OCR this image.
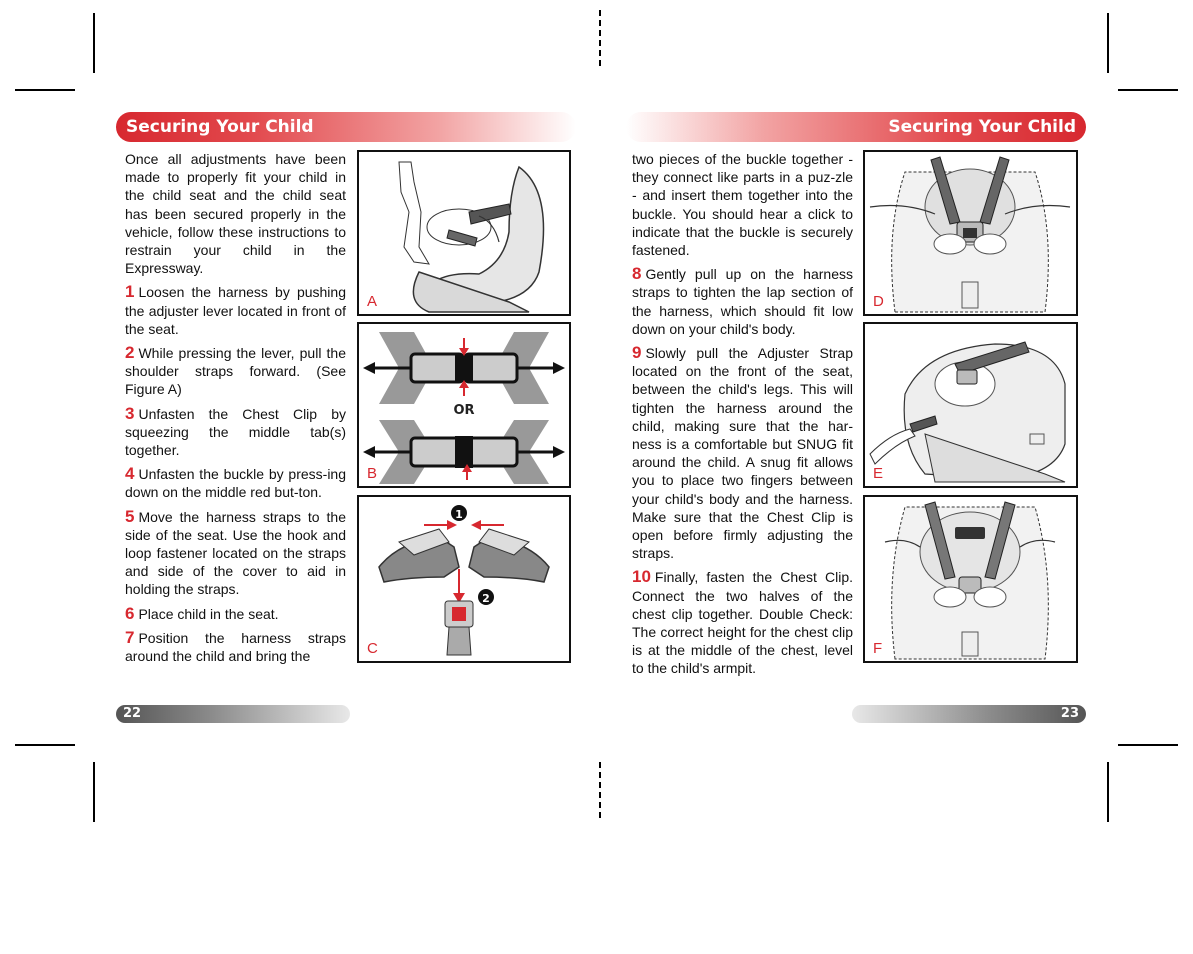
Securing Your Child	Securing Your Child

Once all adjustments have been made to properly fit your child in the child seat and the child seat has been secured properly in the vehicle, follow these instructions to restrain your child in the Expressway.

1 Loosen the harness by pushing the adjuster lever located in front of the seat.

2 While pressing the lever, pull the shoulder straps forward. (See Figure A)

3 Unfasten the Chest Clip by squeezing the middle tab(s) together.

4 Unfasten the buckle by press-ing down on the middle red but-ton.

5 Move the harness straps to the side of the seat. Use the hook and loop fastener located on the straps and side of the cover to aid in holding the straps.

6 Place child in the seat.

7 Position the harness straps around the child and bring the

A
OR
B
1
2
C

two pieces of the buckle together - they connect like parts in a puz-zle - and insert them together into the buckle. You should hear a click to indicate that the buckle is securely fastened.

8 Gently pull up on the harness straps to tighten the lap section of the harness, which should fit low down on your child's body.

9 Slowly pull the Adjuster Strap located on the front of the seat, between the child's legs. This will tighten the harness around the child, making sure that the har-ness is a comfortable but SNUG fit around the child. A snug fit allows you to place two fingers between your child's body and the harness. Make sure that the Chest Clip is open before firmly adjusting the straps.

10 Finally, fasten the Chest Clip. Connect the two halves of the chest clip together. Double Check: The correct height for the chest clip is at the middle of the chest, level to the child's armpit.

D
E
F
22	23
